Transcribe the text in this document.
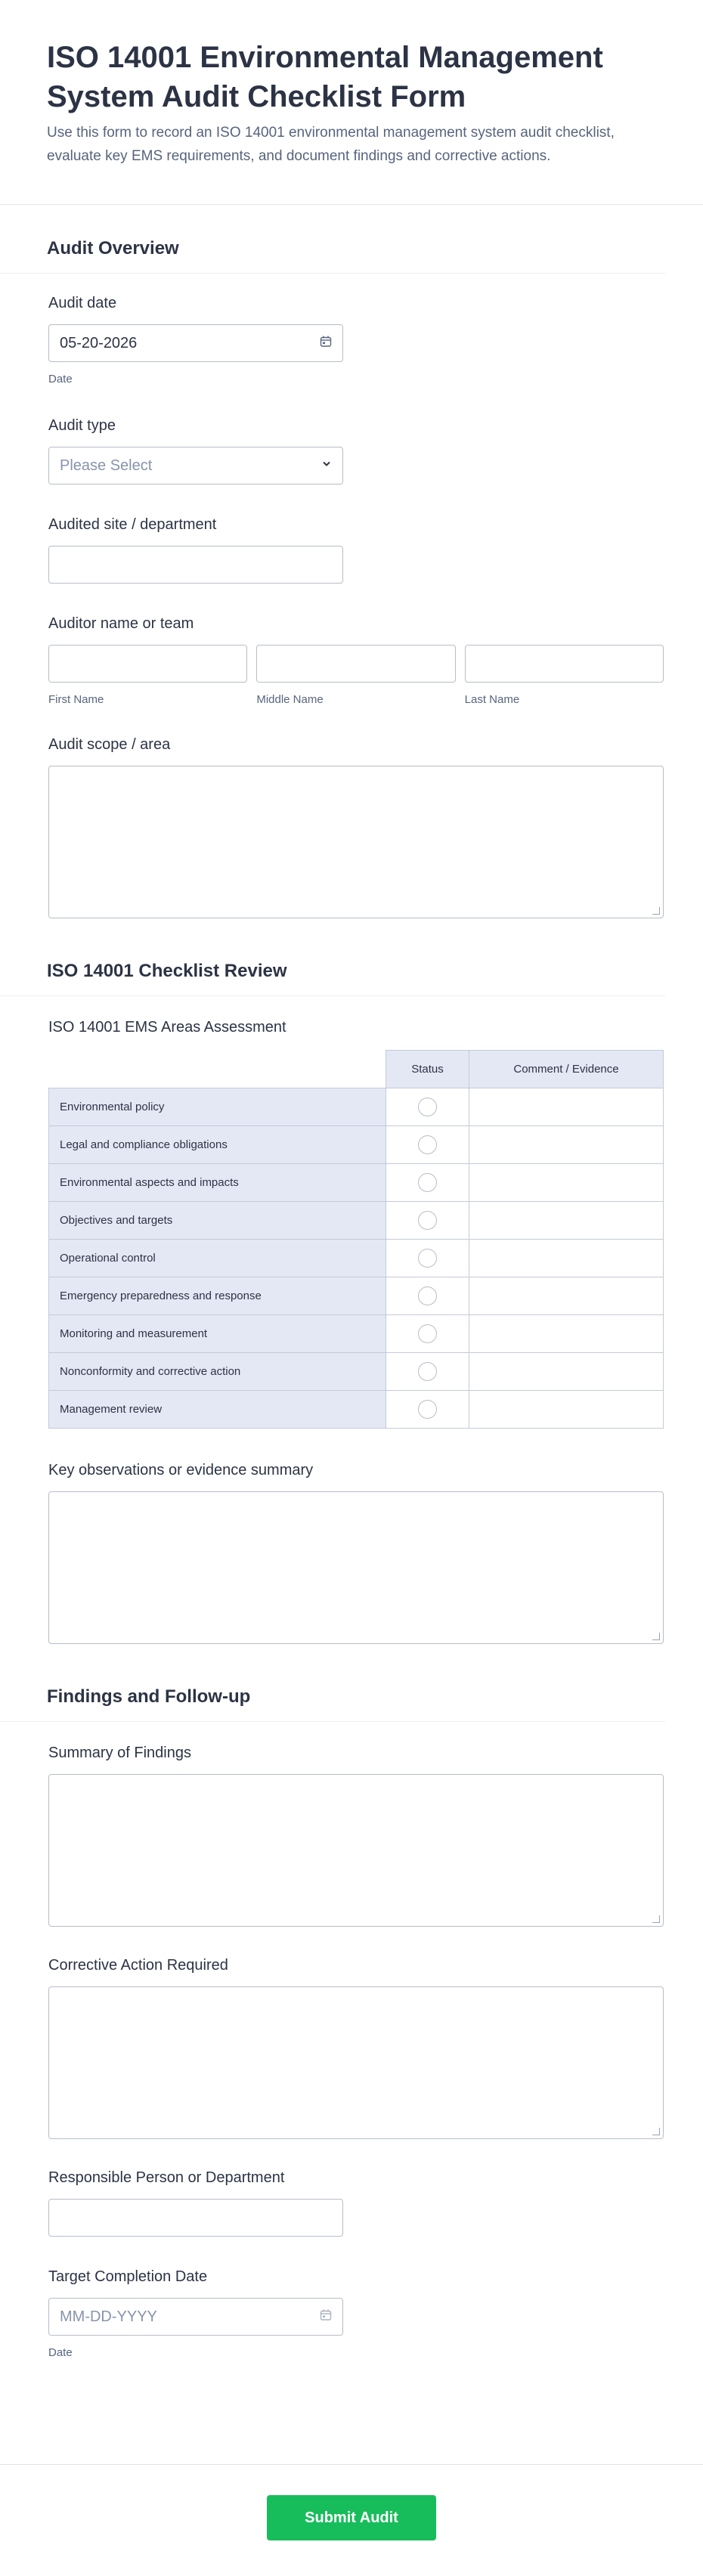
ISO 14001 Environmental Management System Audit Checklist Form
Use this form to record an ISO 14001 environmental management system audit checklist, evaluate key EMS requirements, and document findings and corrective actions.
Audit Overview
Audit date
05-20-2026
Date
Audit type
Please Select
Audited site / department
Auditor name or team
First Name	Middle Name	Last Name
Audit scope / area
ISO 14001 Checklist Review
ISO 14001 EMS Areas Assessment
	Status	Comment / Evidence
Environmental policy		
Legal and compliance obligations		
Environmental aspects and impacts		
Objectives and targets		
Operational control		
Emergency preparedness and response		
Monitoring and measurement		
Nonconformity and corrective action		
Management review		
Key observations or evidence summary
Findings and Follow-up
Summary of Findings
Corrective Action Required
Responsible Person or Department
Target Completion Date
MM-DD-YYYY
Date
Submit Audit
